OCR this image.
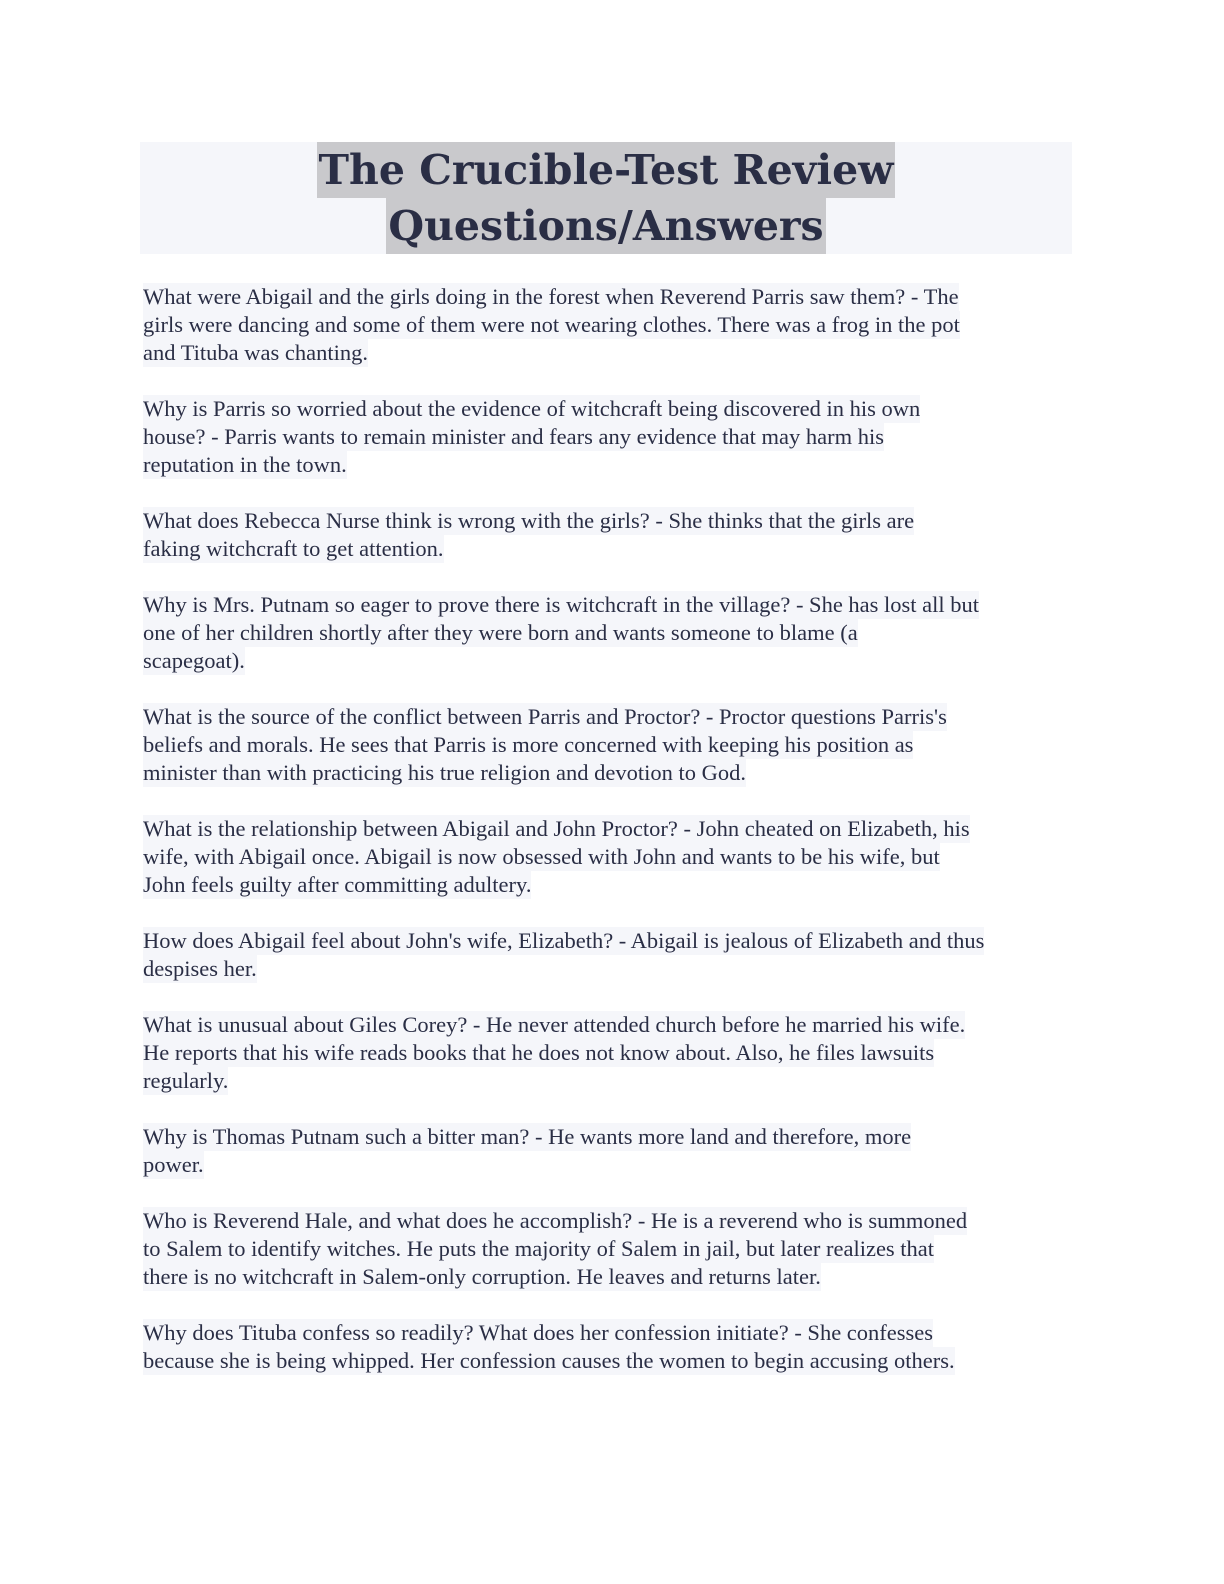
The Crucible-Test Review
Questions/Answers
What were Abigail and the girls doing in the forest when Reverend Parris saw them? - The
girls were dancing and some of them were not wearing clothes. There was a frog in the pot
and Tituba was chanting.
Why is Parris so worried about the evidence of witchcraft being discovered in his own
house? - Parris wants to remain minister and fears any evidence that may harm his
reputation in the town.
What does Rebecca Nurse think is wrong with the girls? - She thinks that the girls are
faking witchcraft to get attention.
Why is Mrs. Putnam so eager to prove there is witchcraft in the village? - She has lost all but
one of her children shortly after they were born and wants someone to blame (a
scapegoat).
What is the source of the conflict between Parris and Proctor? - Proctor questions Parris's
beliefs and morals. He sees that Parris is more concerned with keeping his position as
minister than with practicing his true religion and devotion to God.
What is the relationship between Abigail and John Proctor? - John cheated on Elizabeth, his
wife, with Abigail once. Abigail is now obsessed with John and wants to be his wife, but
John feels guilty after committing adultery.
How does Abigail feel about John's wife, Elizabeth? - Abigail is jealous of Elizabeth and thus
despises her.
What is unusual about Giles Corey? - He never attended church before he married his wife.
He reports that his wife reads books that he does not know about. Also, he files lawsuits
regularly.
Why is Thomas Putnam such a bitter man? - He wants more land and therefore, more
power.
Who is Reverend Hale, and what does he accomplish? - He is a reverend who is summoned
to Salem to identify witches. He puts the majority of Salem in jail, but later realizes that
there is no witchcraft in Salem-only corruption. He leaves and returns later.
Why does Tituba confess so readily? What does her confession initiate? - She confesses
because she is being whipped. Her confession causes the women to begin accusing others.
